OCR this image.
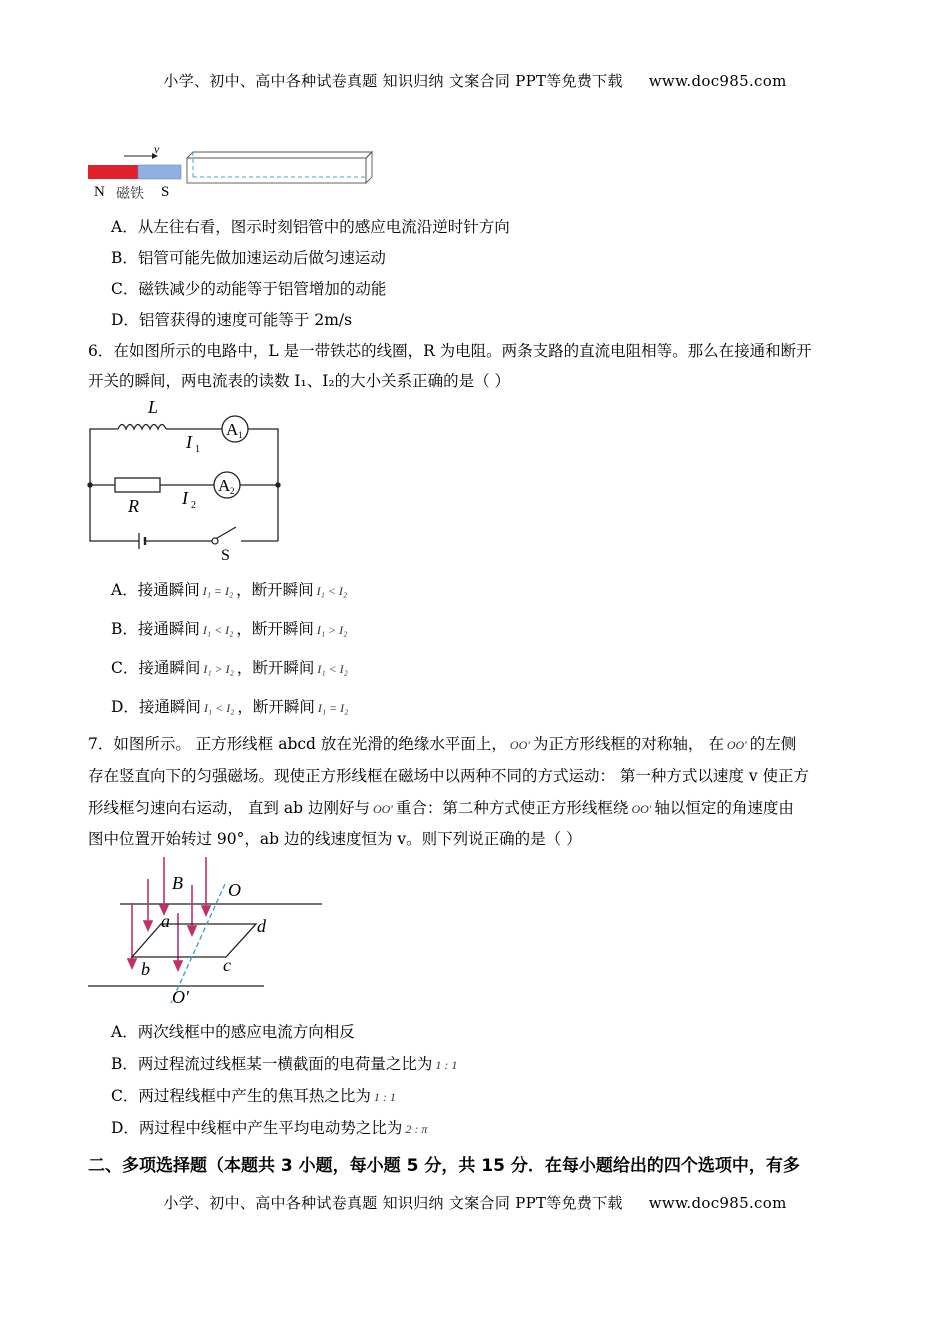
小学、初中、高中各种试卷真题 知识归纳 文案合同 PPT等免费下载 www.doc985.com
v
N 磁铁 S
A．从左往右看，图示时刻铝管中的感应电流沿逆时针方向
B．铝管可能先做加速运动后做匀速运动
C．磁铁减少的动能等于铝管增加的动能
D．铝管获得的速度可能等于 2m/s
6．在如图所示的电路中，L 是一带铁芯的线圈，R 为电阻。两条支路的直流电阻相等。那么在接通和断开
开关的瞬间，两电流表的读数 I₁、I₂的大小关系正确的是（ ）
L
I 1
A 1
A 2
R I 2
S
A．接通瞬间 I₁ = I₂ ，断开瞬间 I₁ < I₂
B．接通瞬间 I₁ < I₂ ，断开瞬间 I₁ > I₂
C．接通瞬间 I₁ > I₂ ，断开瞬间 I₁ < I₂
D．接通瞬间 I₁ < I₂ ，断开瞬间 I₁ = I₂
7．如图所示。 正方形线框 abcd 放在光滑的绝缘水平面上， OO′ 为正方形线框的对称轴， 在 OO′ 的左侧
存在竖直向下的匀强磁场。现使正方形线框在磁场中以两种不同的方式运动： 第一种方式以速度 v 使正方
形线框匀速向右运动， 直到 ab 边刚好与 OO′ 重合：第二种方式使正方形线框绕 OO′ 轴以恒定的角速度由
图中位置开始转过 90°，ab 边的线速度恒为 v。则下列说正确的是（ ）
B	O
O′
a
b	c
d
A．两次线框中的感应电流方向相反
B．两过程流过线框某一横截面的电荷量之比为 1 : 1
C．两过程线框中产生的焦耳热之比为 1 : 1
D．两过程中线框中产生平均电动势之比为 2 : π
二、多项选择题（本题共 3 小题，每小题 5 分，共 15 分．在每小题给出的四个选项中，有多
小学、初中、高中各种试卷真题 知识归纳 文案合同 PPT等免费下载 www.doc985.com
